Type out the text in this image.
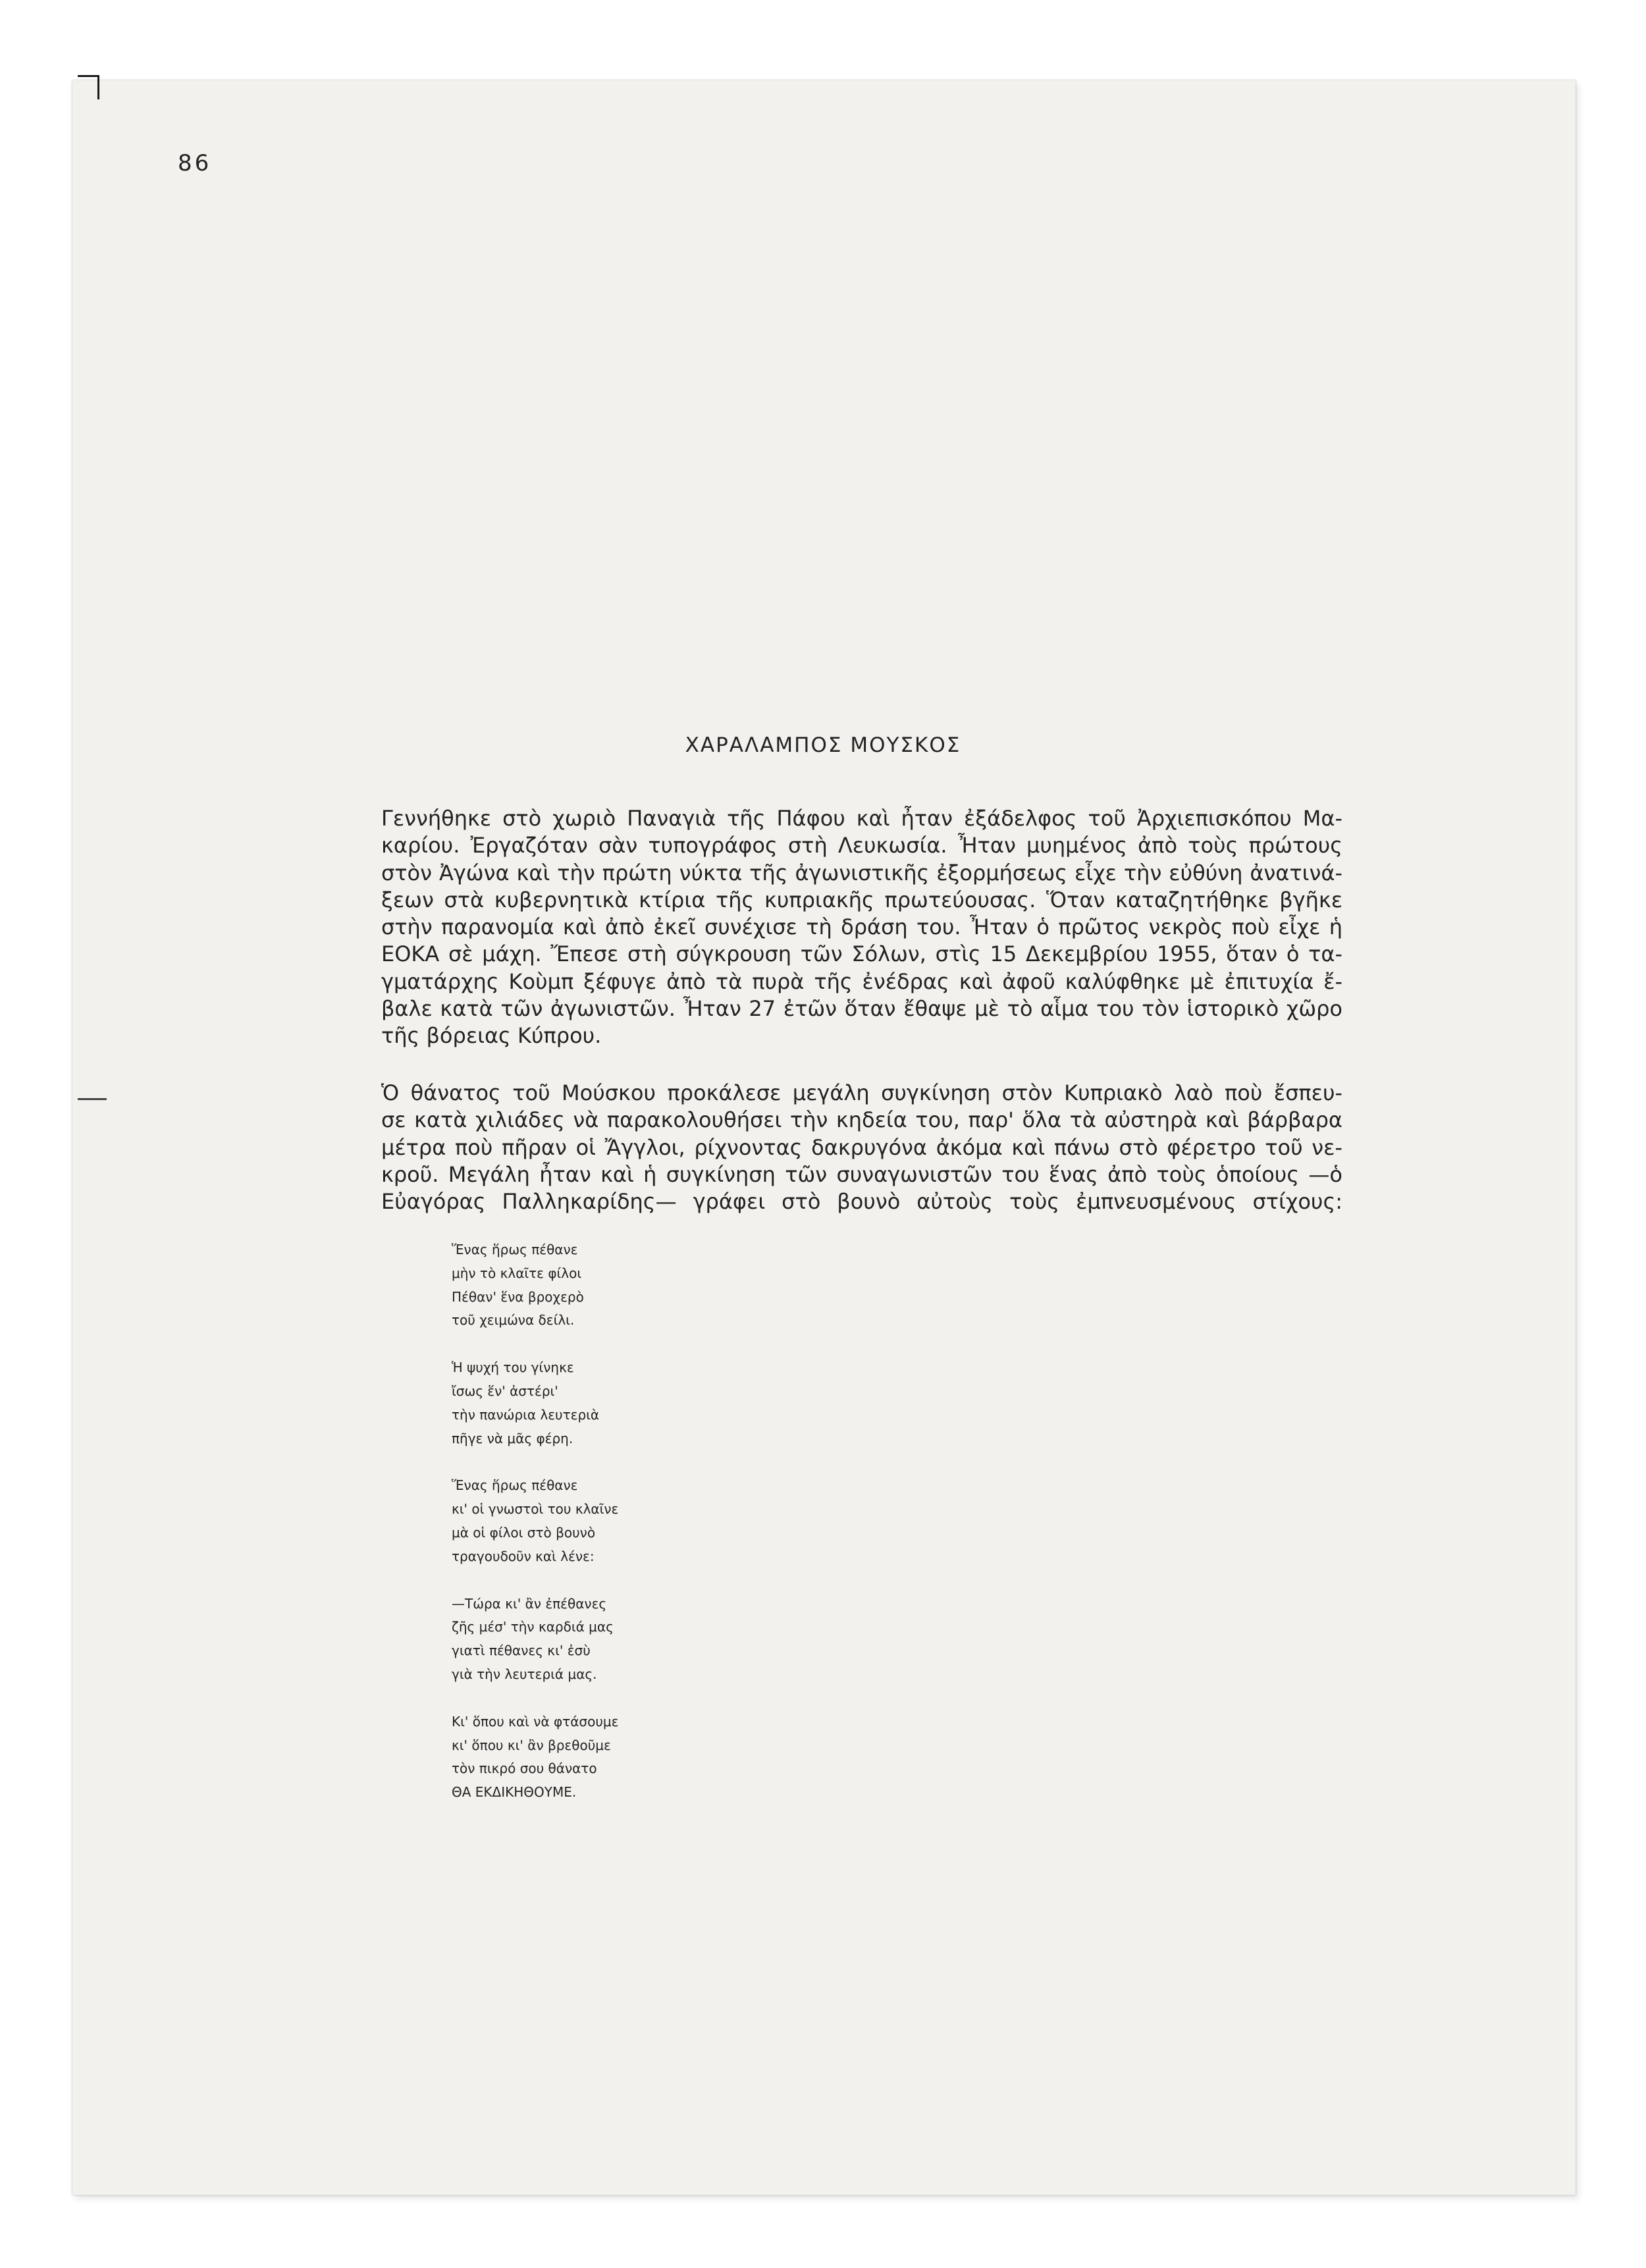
86

ΧΑΡΑΛΑΜΠΟΣ ΜΟΥΣΚΟΣ

Γεννήθηκε στὸ χωριὸ Παναγιὰ τῆς Πάφου καὶ ἦταν ἐξάδελφος τοῦ Ἀρχιεπισκόπου Μα-
καρίου. Ἐργαζόταν σὰν τυπογράφος στὴ Λευκωσία. Ἦταν μυημένος ἀπὸ τοὺς πρώτους
στὸν Ἀγώνα καὶ τὴν πρώτη νύκτα τῆς ἀγωνιστικῆς ἐξορμήσεως εἶχε τὴν εὐθύνη ἀνατινά-
ξεων στὰ κυβερνητικὰ κτίρια τῆς κυπριακῆς πρωτεύουσας. Ὅταν καταζητήθηκε βγῆκε
στὴν παρανομία καὶ ἀπὸ ἐκεῖ συνέχισε τὴ δράση του. Ἦταν ὁ πρῶτος νεκρὸς ποὺ εἶχε ἡ
ΕΟΚΑ σὲ μάχη. Ἔπεσε στὴ σύγκρουση τῶν Σόλων, στὶς 15 Δεκεμβρίου 1955, ὅταν ὁ τα-
γματάρχης Κοὺμπ ξέφυγε ἀπὸ τὰ πυρὰ τῆς ἐνέδρας καὶ ἀφοῦ καλύφθηκε μὲ ἐπιτυχία ἔ-
βαλε κατὰ τῶν ἀγωνιστῶν. Ἦταν 27 ἐτῶν ὅταν ἔθαψε μὲ τὸ αἷμα του τὸν ἱστορικὸ χῶρο
τῆς βόρειας Κύπρου.

Ὁ θάνατος τοῦ Μούσκου προκάλεσε μεγάλη συγκίνηση στὸν Κυπριακὸ λαὸ ποὺ ἔσπευ-
σε κατὰ χιλιάδες νὰ παρακολουθήσει τὴν κηδεία του, παρ' ὅλα τὰ αὐστηρὰ καὶ βάρβαρα
μέτρα ποὺ πῆραν οἱ Ἄγγλοι, ρίχνοντας δακρυγόνα ἀκόμα καὶ πάνω στὸ φέρετρο τοῦ νε-
κροῦ. Μεγάλη ἦταν καὶ ἡ συγκίνηση τῶν συναγωνιστῶν του ἕνας ἀπὸ τοὺς ὁποίους —ὁ
Εὐαγόρας Παλληκαρίδης— γράφει στὸ βουνὸ αὐτοὺς τοὺς ἐμπνευσμένους στίχους:

Ἕνας ἥρως πέθανε
μὴν τὸ κλαῖτε φίλοι
Πέθαν' ἕνα βροχερὸ
τοῦ χειμώνα δείλι.
Ἡ ψυχή του γίνηκε
ἴσως ἕν' ἀστέρι'
τὴν πανώρια λευτεριὰ
πῆγε νὰ μᾶς φέρη.
Ἕνας ἥρως πέθανε
κι' οἱ γνωστοὶ του κλαῖνε
μὰ οἱ φίλοι στὸ βουνὸ
τραγουδοῦν καὶ λένε:
—Τώρα κι' ἂν ἐπέθανες
ζῆς μέσ' τὴν καρδιά μας
γιατὶ πέθανες κι' ἐσὺ
γιὰ τὴν λευτεριά μας.
Κι' ὅπου καὶ νὰ φτάσουμε
κι' ὅπου κι' ἂν βρεθοῦμε
τὸν πικρό σου θάνατο
ΘΑ ΕΚΔΙΚΗΘΟΥΜΕ.
